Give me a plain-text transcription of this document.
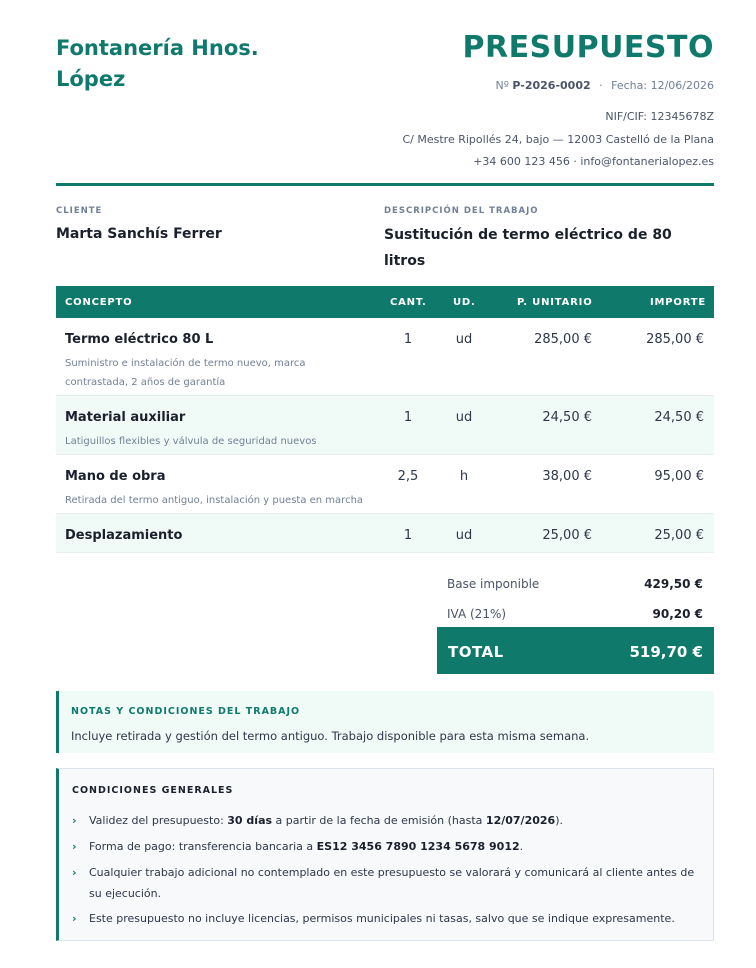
Fontanería Hnos.
López
PRESUPUESTO
Nº P-2026-0002 · Fecha: 12/06/2026
NIF/CIF: 12345678Z
C/ Mestre Ripollés 24, bajo — 12003 Castelló de la Plana
+34 600 123 456 · info@fontanerialopez.es
CLIENTE
Marta Sanchís Ferrer
DESCRIPCIÓN DEL TRABAJO
Sustitución de termo eléctrico de 80 litros
CONCEPTO	CANT.	UD.	P. UNITARIO	IMPORTE
Termo eléctrico 80 L
Suministro e instalación de termo nuevo, marca contrastada, 2 años de garantía
1	ud	285,00 €	285,00 €
Material auxiliar
Latiguillos flexibles y válvula de seguridad nuevos
1	ud	24,50 €	24,50 €
Mano de obra
Retirada del termo antiguo, instalación y puesta en marcha
2,5	h	38,00 €	95,00 €
Desplazamiento	1	ud	25,00 €	25,00 €
Base imponible	429,50 €
IVA (21%)	90,20 €
TOTAL	519,70 €
NOTAS Y CONDICIONES DEL TRABAJO
Incluye retirada y gestión del termo antiguo. Trabajo disponible para esta misma semana.
CONDICIONES GENERALES
›	Validez del presupuesto: 30 días a partir de la fecha de emisión (hasta 12/07/2026).
›	Forma de pago: transferencia bancaria a ES12 3456 7890 1234 5678 9012.
›	Cualquier trabajo adicional no contemplado en este presupuesto se valorará y comunicará al cliente antes de su ejecución.
›	Este presupuesto no incluye licencias, permisos municipales ni tasas, salvo que se indique expresamente.
